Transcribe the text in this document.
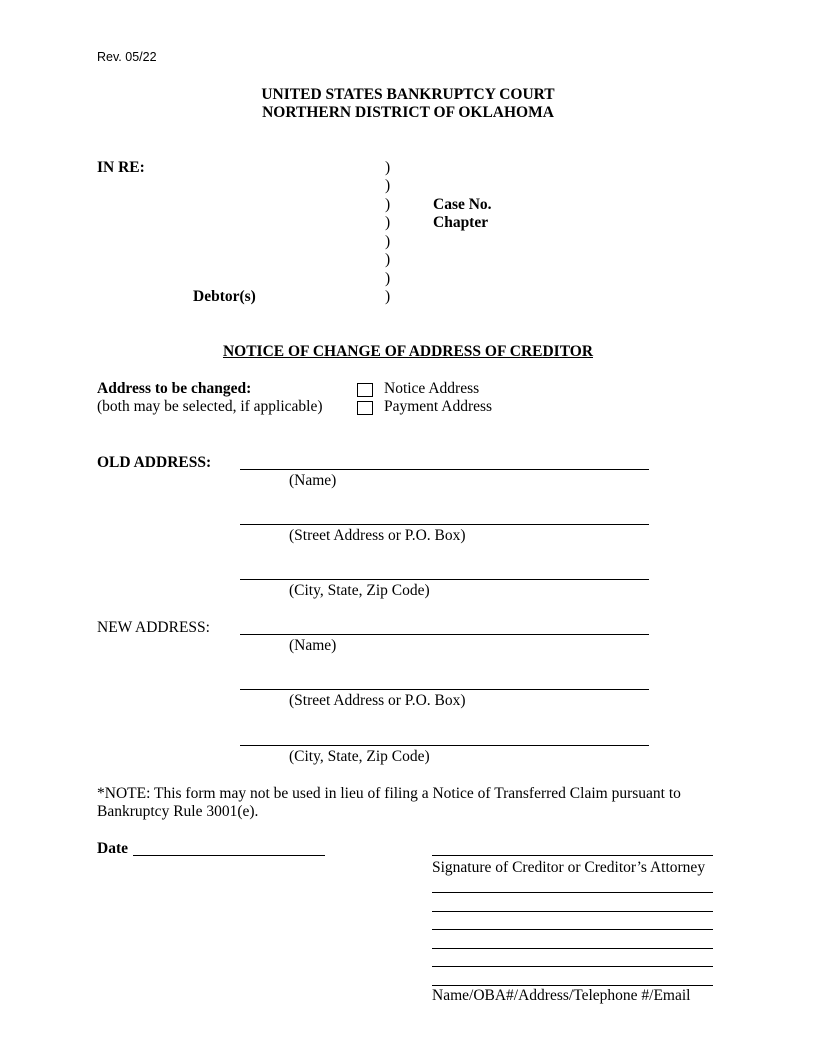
Rev. 05/22
UNITED STATES BANKRUPTCY COURT
NORTHERN DISTRICT OF OKLAHOMA
IN RE:
Debtor(s)
)
)
)
)
)
)
)
)
Case No.
Chapter
NOTICE OF CHANGE OF ADDRESS OF CREDITOR
Address to be changed:
(both may be selected, if applicable)
Notice Address
Payment Address
OLD ADDRESS:
(Name)
(Street Address or P.O. Box)
(City, State, Zip Code)
NEW ADDRESS:
(Name)
(Street Address or P.O. Box)
(City, State, Zip Code)
*NOTE: This form may not be used in lieu of filing a Notice of Transferred Claim pursuant to
Bankruptcy Rule 3001(e).
Date
Signature of Creditor or Creditor’s Attorney
Name/OBA#/Address/Telephone #/Email
